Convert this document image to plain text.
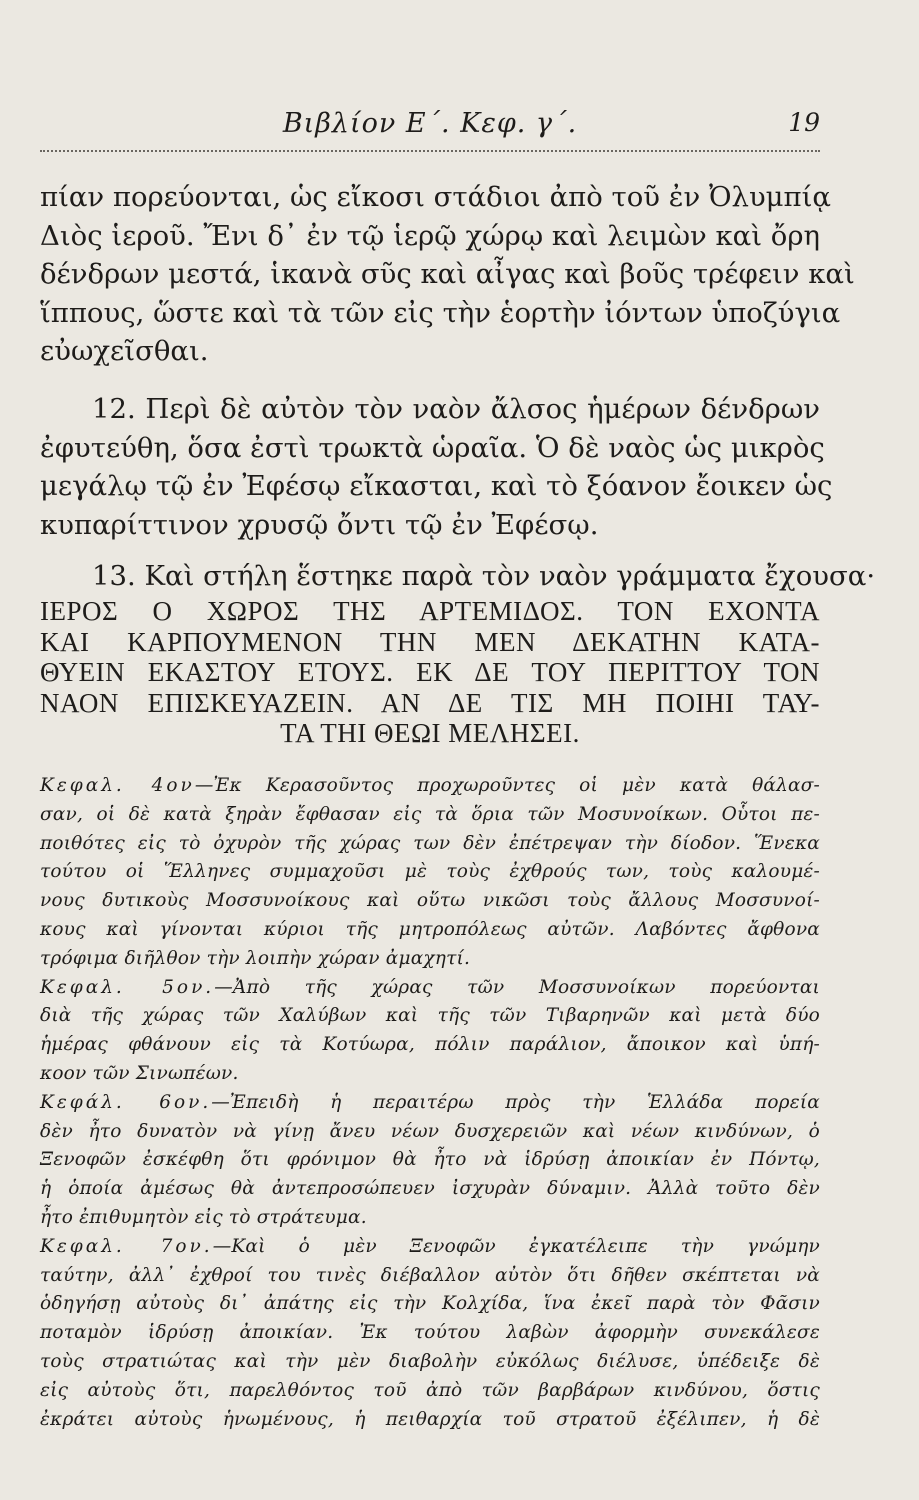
Βιβλίον Ε΄. Κεφ. γ΄.	19
πίαν πορεύονται, ὡς εἴκοσι στάδιοι ἀπὸ τοῦ ἐν Ὀλυμπίᾳ
Διὸς ἱεροῦ. Ἔνι δ᾽ ἐν τῷ ἱερῷ χώρῳ καὶ λειμὼν καὶ ὄρη
δένδρων μεστά, ἱκανὰ σῦς καὶ αἶγας καὶ βοῦς τρέφειν καὶ
ἵππους, ὥστε καὶ τὰ τῶν εἰς τὴν ἑορτὴν ἰόντων ὑποζύγια
εὐωχεῖσθαι.
12. Περὶ δὲ αὐτὸν τὸν ναὸν ἄλσος ἡμέρων δένδρων
ἐφυτεύθη, ὅσα ἐστὶ τρωκτὰ ὡραῖα. Ὁ δὲ ναὸς ὡς μικρὸς
μεγάλῳ τῷ ἐν Ἐφέσῳ εἴκασται, καὶ τὸ ξόανον ἔοικεν ὡς
κυπαρίττινον χρυσῷ ὄντι τῷ ἐν Ἐφέσῳ.
13. Καὶ στήλη ἕστηκε παρὰ τὸν ναὸν γράμματα ἔχουσα·
ΙΕΡΟΣ Ο ΧΩΡΟΣ ΤΗΣ ΑΡΤΕΜΙΔΟΣ. ΤΟΝ ΕΧΟΝΤΑ
ΚΑΙ ΚΑΡΠΟΥΜΕΝΟΝ ΤΗΝ ΜΕΝ ΔΕΚΑΤΗΝ ΚΑΤΑ-
ΘΥΕΙΝ ΕΚΑΣΤΟΥ ΕΤΟΥΣ. ΕΚ ΔΕ ΤΟΥ ΠΕΡΙΤΤΟΥ ΤΟΝ
ΝΑΟΝ ΕΠΙΣΚΕΥΑΖΕΙΝ. ΑΝ ΔΕ ΤΙΣ ΜΗ ΠΟΙΗΙ ΤΑΥ-
ΤΑ ΤΗΙ ΘΕΩΙ ΜΕΛΗΣΕΙ.
Κεφαλ. 4ον—Ἐκ Κερασοῦντος προχωροῦντες οἱ μὲν κατὰ θάλασ-
σαν, οἱ δὲ κατὰ ξηρὰν ἔφθασαν εἰς τὰ ὅρια τῶν Μοσυνοίκων. Οὗτοι πε-
ποιθότες εἰς τὸ ὀχυρὸν τῆς χώρας των δὲν ἐπέτρεψαν τὴν δίοδον. Ἕνεκα
τούτου οἱ Ἕλληνες συμμαχοῦσι μὲ τοὺς ἐχθρούς των, τοὺς καλουμέ-
νους δυτικοὺς Μοσσυνοίκους καὶ οὕτω νικῶσι τοὺς ἄλλους Μοσσυνοί-
κους καὶ γίνονται κύριοι τῆς μητροπόλεως αὐτῶν. Λαβόντες ἄφθονα
τρόφιμα διῆλθον τὴν λοιπὴν χώραν ἀμαχητί.
Κεφαλ. 5ον.—Ἀπὸ τῆς χώρας τῶν Μοσσυνοίκων πορεύονται
διὰ τῆς χώρας τῶν Χαλύβων καὶ τῆς τῶν Τιβαρηνῶν καὶ μετὰ δύο
ἡμέρας φθάνουν εἰς τὰ Κοτύωρα, πόλιν παράλιον, ἄποικον καὶ ὑπή-
κοον τῶν Σινωπέων.
Κεφάλ. 6ον.—Ἐπειδὴ ἡ περαιτέρω πρὸς τὴν Ἑλλάδα πορεία
δὲν ἦτο δυνατὸν νὰ γίνῃ ἄνευ νέων δυσχερειῶν καὶ νέων κινδύνων, ὁ
Ξενοφῶν ἐσκέφθη ὅτι φρόνιμον θὰ ἦτο νὰ ἱδρύσῃ ἀποικίαν ἐν Πόντῳ,
ἡ ὁποία ἀμέσως θὰ ἀντεπροσώπευεν ἰσχυρὰν δύναμιν. Ἀλλὰ τοῦτο δὲν
ἦτο ἐπιθυμητὸν εἰς τὸ στράτευμα.
Κεφαλ. 7ον.—Καὶ ὁ μὲν Ξενοφῶν ἐγκατέλειπε τὴν γνώμην
ταύτην, ἀλλ᾽ ἐχθροί του τινὲς διέβαλλον αὐτὸν ὅτι δῆθεν σκέπτεται νὰ
ὁδηγήσῃ αὐτοὺς δι᾽ ἀπάτης εἰς τὴν Κολχίδα, ἵνα ἐκεῖ παρὰ τὸν Φᾶσιν
ποταμὸν ἱδρύσῃ ἀποικίαν. Ἐκ τούτου λαβὼν ἀφορμὴν συνεκάλεσε
τοὺς στρατιώτας καὶ τὴν μὲν διαβολὴν εὐκόλως διέλυσε, ὑπέδειξε δὲ
εἰς αὐτοὺς ὅτι, παρελθόντος τοῦ ἀπὸ τῶν βαρβάρων κινδύνου, ὅστις
ἐκράτει αὐτοὺς ἡνωμένους, ἡ πειθαρχία τοῦ στρατοῦ ἐξέλιπεν, ἡ δὲ
